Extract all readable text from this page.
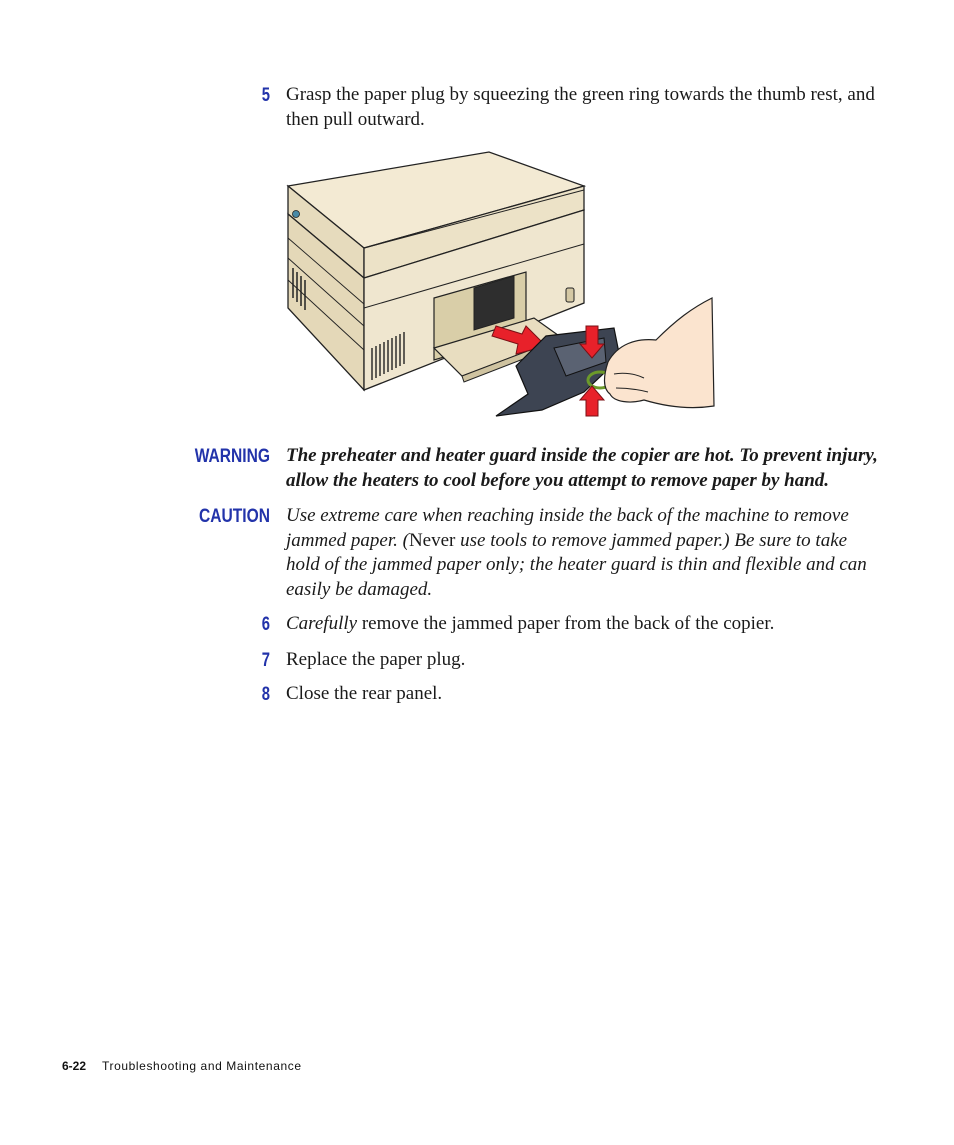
5 Grasp the paper plug by squeezing the green ring towards the thumb rest, and then pull outward.
WARNING The preheater and heater guard inside the copier are hot. To prevent injury, allow the heaters to cool before you attempt to remove paper by hand.
CAUTION Use extreme care when reaching inside the back of the machine to remove jammed paper. (Never use tools to remove jammed paper.) Be sure to take hold of the jammed paper only; the heater guard is thin and flexible and can easily be damaged.
6 Carefully remove the jammed paper from the back of the copier.
7 Replace the paper plug.
8 Close the rear panel.
6-22 Troubleshooting and Maintenance
